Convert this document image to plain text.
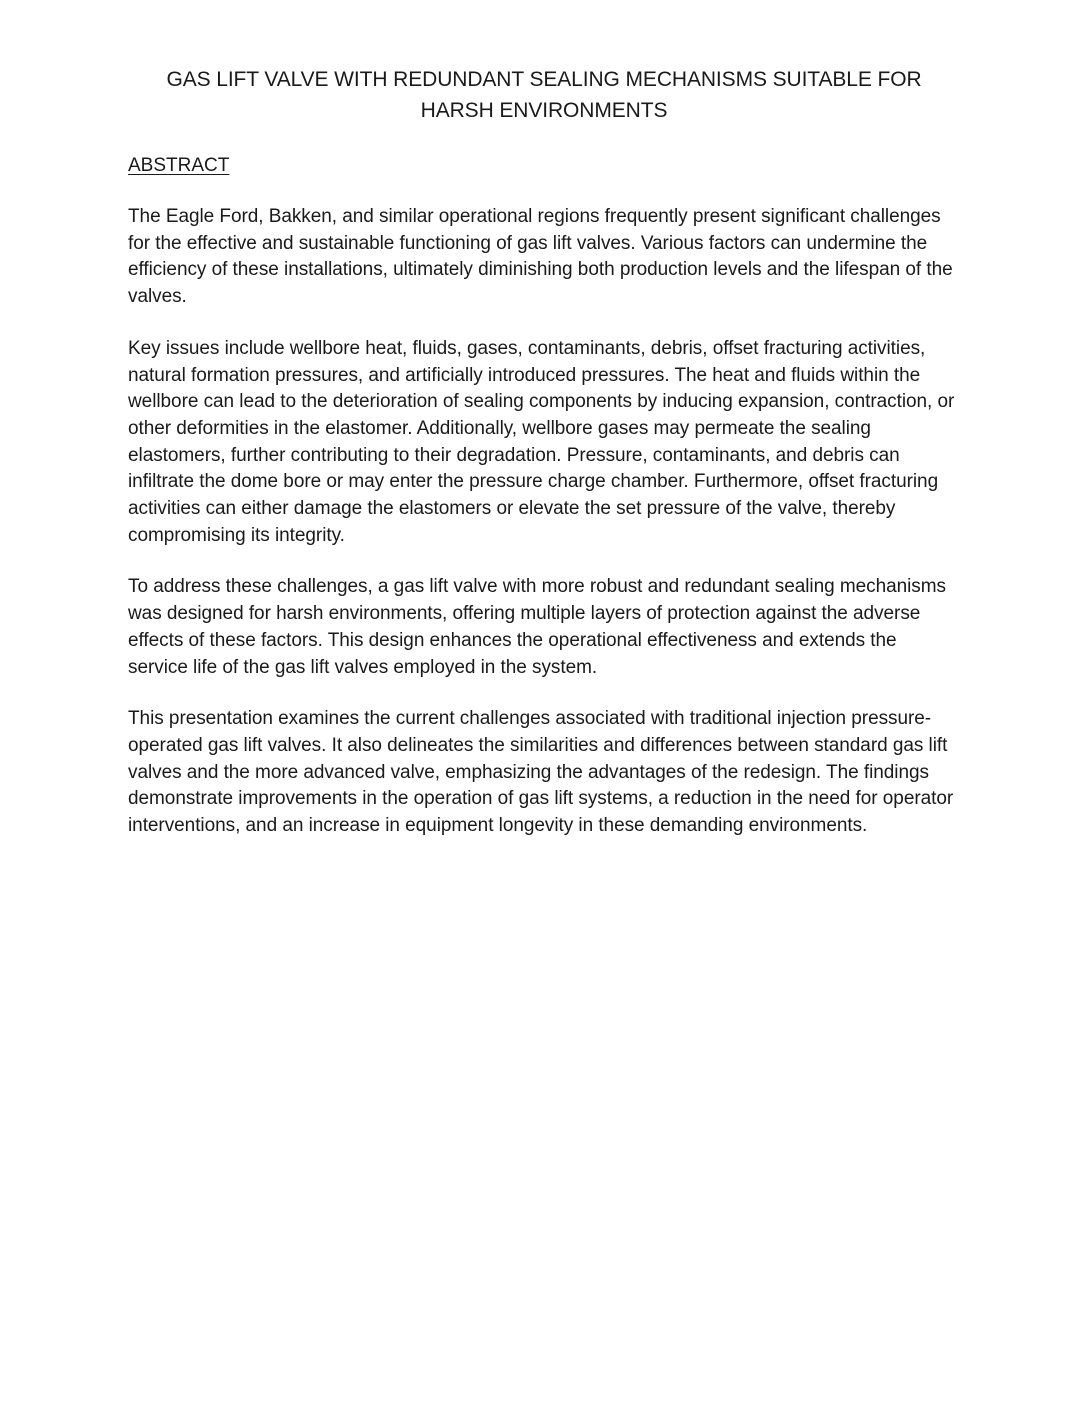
GAS LIFT VALVE WITH REDUNDANT SEALING MECHANISMS SUITABLE FOR HARSH ENVIRONMENTS
ABSTRACT

The Eagle Ford, Bakken, and similar operational regions frequently present significant challenges for the effective and sustainable functioning of gas lift valves. Various factors can undermine the efficiency of these installations, ultimately diminishing both production levels and the lifespan of the valves.

Key issues include wellbore heat, fluids, gases, contaminants, debris, offset fracturing activities, natural formation pressures, and artificially introduced pressures. The heat and fluids within the wellbore can lead to the deterioration of sealing components by inducing expansion, contraction, or other deformities in the elastomer. Additionally, wellbore gases may permeate the sealing elastomers, further contributing to their degradation. Pressure, contaminants, and debris can infiltrate the dome bore or may enter the pressure charge chamber. Furthermore, offset fracturing activities can either damage the elastomers or elevate the set pressure of the valve, thereby compromising its integrity.

To address these challenges, a gas lift valve with more robust and redundant sealing mechanisms was designed for harsh environments, offering multiple layers of protection against the adverse effects of these factors. This design enhances the operational effectiveness and extends the service life of the gas lift valves employed in the system.

This presentation examines the current challenges associated with traditional injection pressure-operated gas lift valves. It also delineates the similarities and differences between standard gas lift valves and the more advanced valve, emphasizing the advantages of the redesign. The findings demonstrate improvements in the operation of gas lift systems, a reduction in the need for operator interventions, and an increase in equipment longevity in these demanding environments.
